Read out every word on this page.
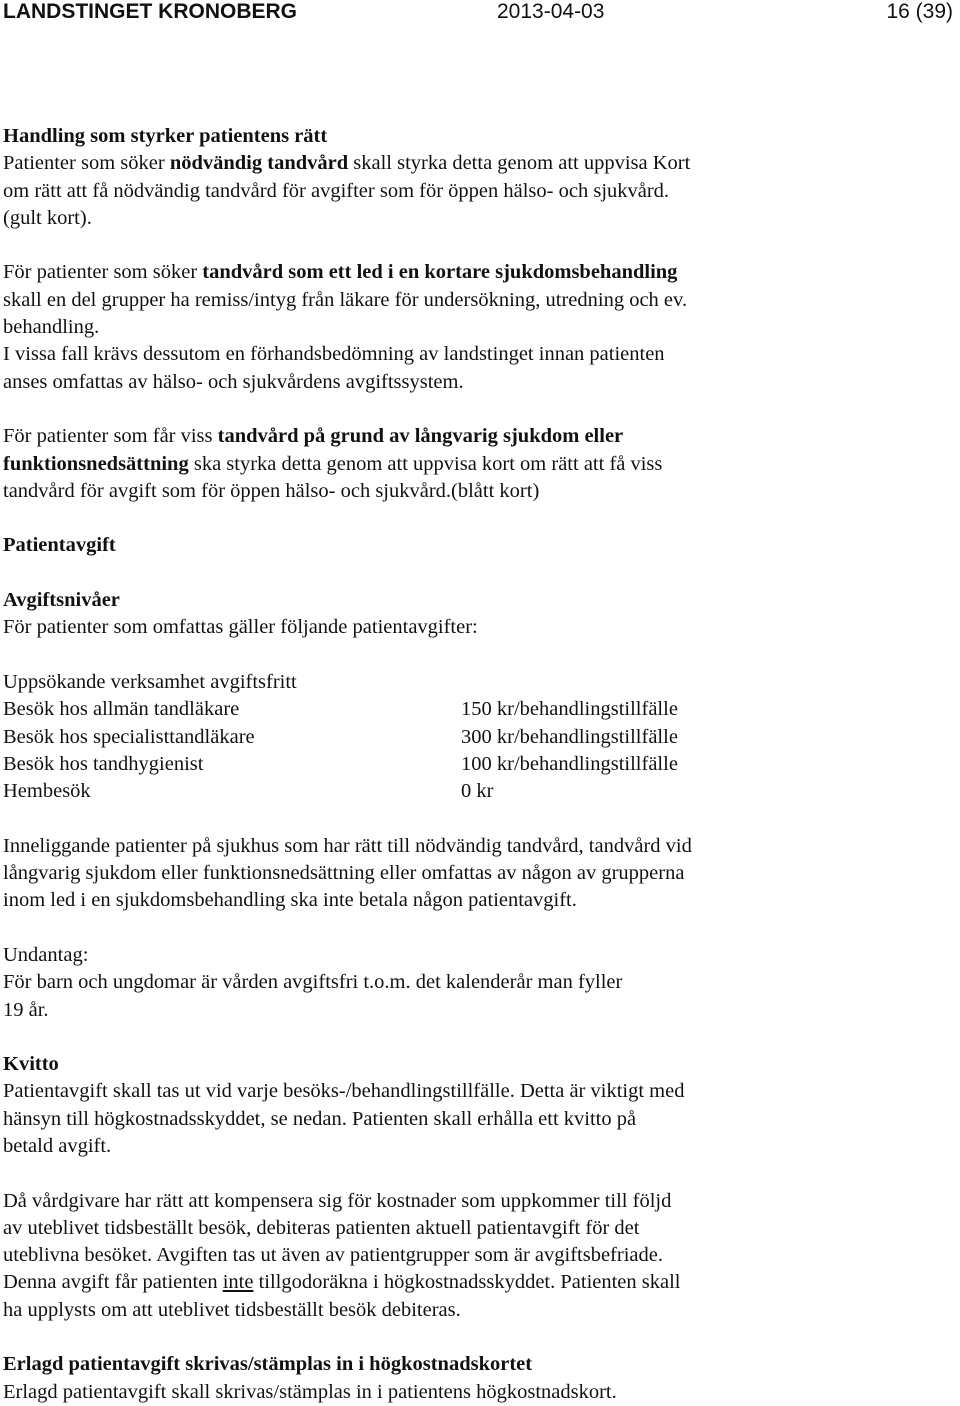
LANDSTINGET KRONOBERG	2013-04-03	16 (39)

Handling som styrker patientens rätt

Patienter som söker nödvändig tandvård skall styrka detta genom att uppvisa Kort

om rätt att få nödvändig tandvård för avgifter som för öppen hälso- och sjukvård.

(gult kort).

För patienter som söker tandvård som ett led i en kortare sjukdomsbehandling

skall en del grupper ha remiss/intyg från läkare för undersökning, utredning och ev.

behandling.

I vissa fall krävs dessutom en förhandsbedömning av landstinget innan patienten

anses omfattas av hälso- och sjukvårdens avgiftssystem.

För patienter som får viss tandvård på grund av långvarig sjukdom eller

funktionsnedsättning ska styrka detta genom att uppvisa kort om rätt att få viss

tandvård för avgift som för öppen hälso- och sjukvård.(blått kort)

Patientavgift

Avgiftsnivåer

För patienter som omfattas gäller följande patientavgifter:

Uppsökande verksamhet avgiftsfritt

Besök hos allmän tandläkare	150 kr/behandlingstillfälle
Besök hos specialisttandläkare	300 kr/behandlingstillfälle
Besök hos tandhygienist	100 kr/behandlingstillfälle
Hembesök	0 kr

Inneliggande patienter på sjukhus som har rätt till nödvändig tandvård, tandvård vid

långvarig sjukdom eller funktionsnedsättning eller omfattas av någon av grupperna

inom led i en sjukdomsbehandling ska inte betala någon patientavgift.

Undantag:

För barn och ungdomar är vården avgiftsfri t.o.m. det kalenderår man fyller

19 år.

Kvitto

Patientavgift skall tas ut vid varje besöks-/behandlingstillfälle. Detta är viktigt med

hänsyn till högkostnadsskyddet, se nedan. Patienten skall erhålla ett kvitto på

betald avgift.

Då vårdgivare har rätt att kompensera sig för kostnader som uppkommer till följd

av uteblivet tidsbeställt besök, debiteras patienten aktuell patientavgift för det

uteblivna besöket. Avgiften tas ut även av patientgrupper som är avgiftsbefriade.

Denna avgift får patienten inte tillgodoräkna i högkostnadsskyddet. Patienten skall

ha upplysts om att uteblivet tidsbeställt besök debiteras.

Erlagd patientavgift skrivas/stämplas in i högkostnadskortet

Erlagd patientavgift skall skrivas/stämplas in i patientens högkostnadskort.
